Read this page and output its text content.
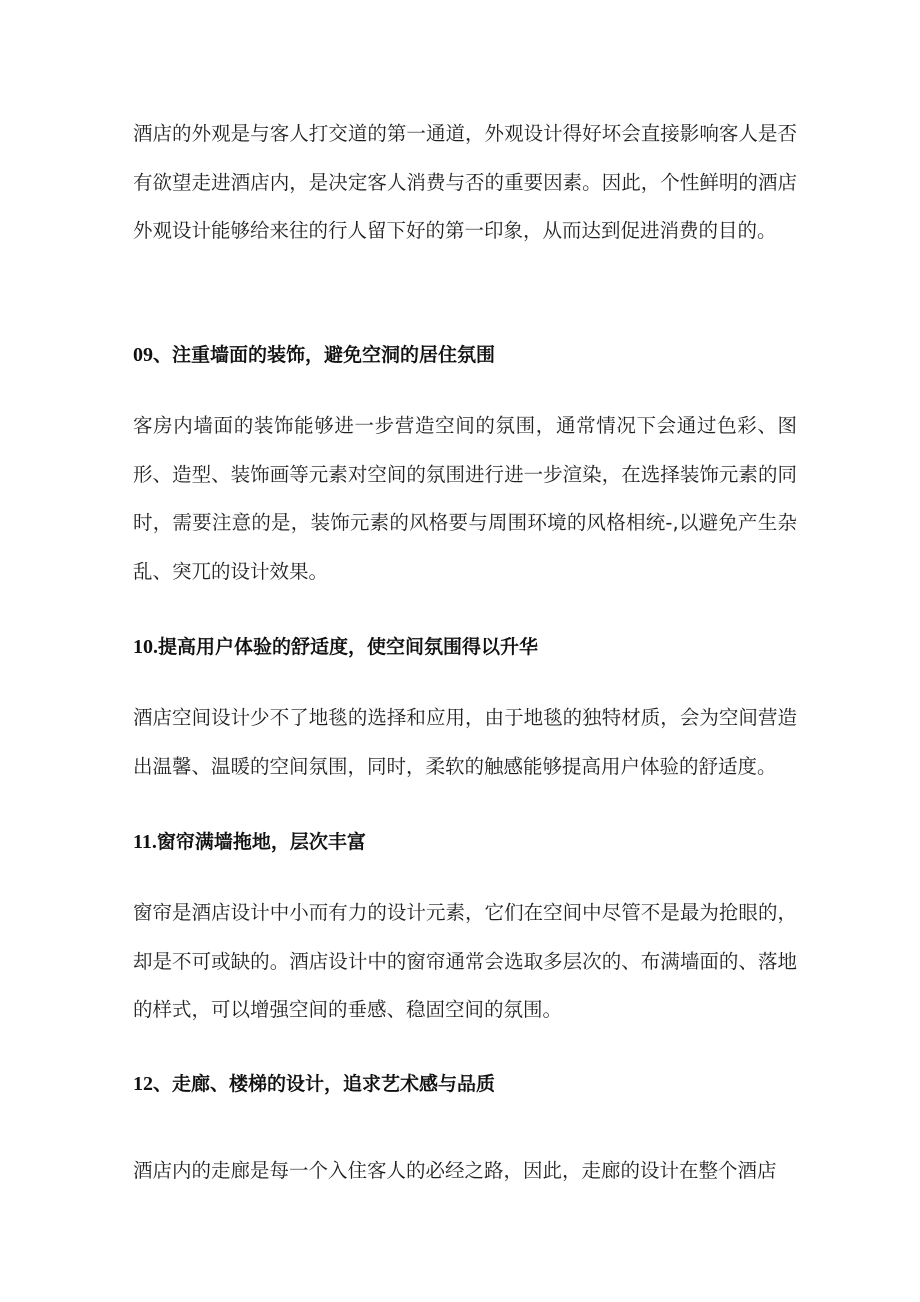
酒店的外观是与客人打交道的第一通道，外观设计得好坏会直接影响客人是否有欲望走进酒店内，是决定客人消费与否的重要因素。因此，个性鲜明的酒店外观设计能够给来往的行人留下好的第一印象，从而达到促进消费的目的。

09、注重墙面的装饰，避免空洞的居住氛围

客房内墙面的装饰能够进一步营造空间的氛围，通常情况下会通过色彩、图形、造型、装饰画等元素对空间的氛围进行进一步渲染，在选择装饰元素的同时，需要注意的是，装饰元素的风格要与周围环境的风格相统-,以避免产生杂乱、突兀的设计效果。

10.提高用户体验的舒适度，使空间氛围得以升华

酒店空间设计少不了地毯的选择和应用，由于地毯的独特材质，会为空间营造出温馨、温暖的空间氛围，同时，柔软的触感能够提高用户体验的舒适度。

11.窗帘满墙拖地，层次丰富

窗帘是酒店设计中小而有力的设计元素，它们在空间中尽管不是最为抢眼的，却是不可或缺的。酒店设计中的窗帘通常会选取多层次的、布满墙面的、落地的样式，可以增强空间的垂感、稳固空间的氛围。

12、走廊、楼梯的设计，追求艺术感与品质

酒店内的走廊是每一个入住客人的必经之路，因此，走廊的设计在整个酒店
